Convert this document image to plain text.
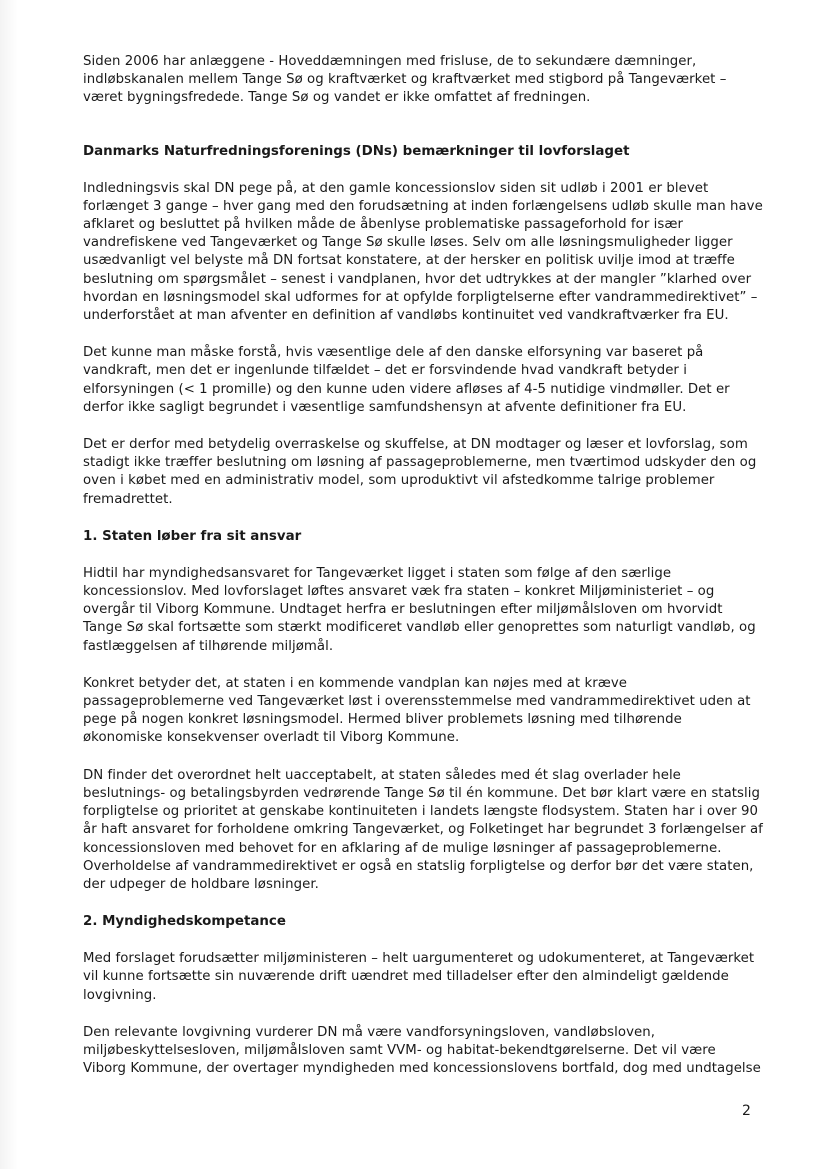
Siden 2006 har anlæggene - Hoveddæmningen med frisluse, de to sekundære dæmninger, indløbskanalen mellem Tange Sø og kraftværket og kraftværket med stigbord på Tangeværket – været bygningsfredede. Tange Sø og vandet er ikke omfattet af fredningen.

Danmarks Naturfredningsforenings (DNs) bemærkninger til lovforslaget

Indledningsvis skal DN pege på, at den gamle koncessionslov siden sit udløb i 2001 er blevet forlænget 3 gange – hver gang med den forudsætning at inden forlængelsens udløb skulle man have afklaret og besluttet på hvilken måde de åbenlyse problematiske passageforhold for især vandrefiskene ved Tangeværket og Tange Sø skulle løses. Selv om alle løsningsmuligheder ligger usædvanligt vel belyste må DN fortsat konstatere, at der hersker en politisk uvilje imod at træffe beslutning om spørgsmålet – senest i vandplanen, hvor det udtrykkes at der mangler ”klarhed over hvordan en løsningsmodel skal udformes for at opfylde forpligtelserne efter vandrammedirektivet” – underforstået at man afventer en definition af vandløbs kontinuitet ved vandkraftværker fra EU.

Det kunne man måske forstå, hvis væsentlige dele af den danske elforsyning var baseret på vandkraft, men det er ingenlunde tilfældet – det er forsvindende hvad vandkraft betyder i elforsyningen (< 1 promille) og den kunne uden videre afløses af 4-5 nutidige vindmøller. Det er derfor ikke sagligt begrundet i væsentlige samfundshensyn at afvente definitioner fra EU.

Det er derfor med betydelig overraskelse og skuffelse, at DN modtager og læser et lovforslag, som stadigt ikke træffer beslutning om løsning af passageproblemerne, men tværtimod udskyder den og oven i købet med en administrativ model, som uproduktivt vil afstedkomme talrige problemer fremadrettet.

1. Staten løber fra sit ansvar

Hidtil har myndighedsansvaret for Tangeværket ligget i staten som følge af den særlige koncessionslov. Med lovforslaget løftes ansvaret væk fra staten – konkret Miljøministeriet – og overgår til Viborg Kommune. Undtaget herfra er beslutningen efter miljømålsloven om hvorvidt Tange Sø skal fortsætte som stærkt modificeret vandløb eller genoprettes som naturligt vandløb, og fastlæggelsen af tilhørende miljømål.

Konkret betyder det, at staten i en kommende vandplan kan nøjes med at kræve passageproblemerne ved Tangeværket løst i overensstemmelse med vandrammedirektivet uden at pege på nogen konkret løsningsmodel. Hermed bliver problemets løsning med tilhørende økonomiske konsekvenser overladt til Viborg Kommune.

DN finder det overordnet helt uacceptabelt, at staten således med ét slag overlader hele beslutnings- og betalingsbyrden vedrørende Tange Sø til én kommune. Det bør klart være en statslig forpligtelse og prioritet at genskabe kontinuiteten i landets længste flodsystem. Staten har i over 90 år haft ansvaret for forholdene omkring Tangeværket, og Folketinget har begrundet 3 forlængelser af koncessionsloven med behovet for en afklaring af de mulige løsninger af passageproblemerne. Overholdelse af vandrammedirektivet er også en statslig forpligtelse og derfor bør det være staten, der udpeger de holdbare løsninger.

2. Myndighedskompetance

Med forslaget forudsætter miljøministeren – helt uargumenteret og udokumenteret, at Tangeværket vil kunne fortsætte sin nuværende drift uændret med tilladelser efter den almindeligt gældende lovgivning.

Den relevante lovgivning vurderer DN må være vandforsyningsloven, vandløbsloven, miljøbeskyttelsesloven, miljømålsloven samt VVM- og habitat-bekendtgørelserne. Det vil være Viborg Kommune, der overtager myndigheden med koncessionslovens bortfald, dog med undtagelse

2
